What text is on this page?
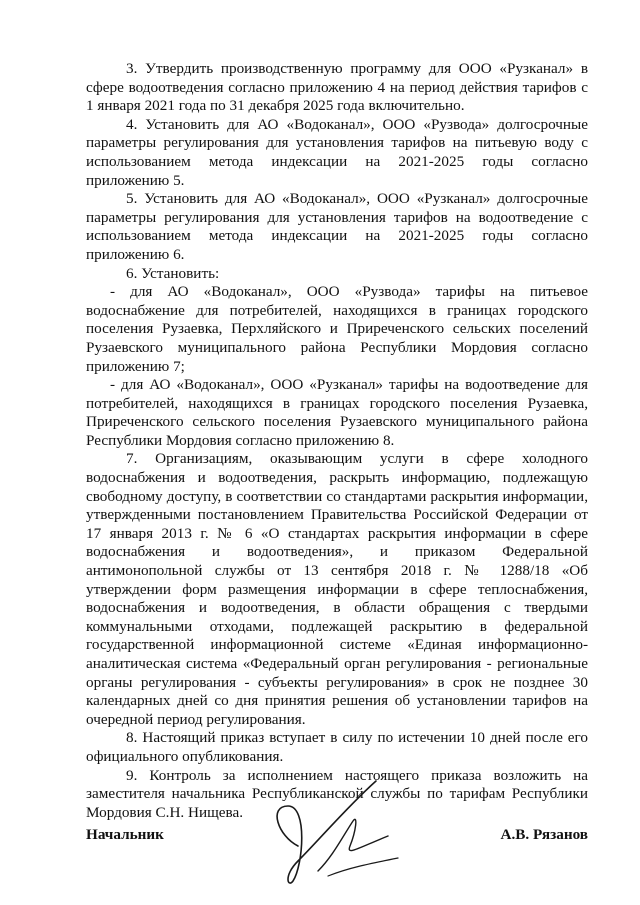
3. Утвердить производственную программу для ООО «Рузканал» в сфере водоотведения согласно приложению 4 на период действия тарифов с 1 января 2021 года по 31 декабря 2025 года включительно.

4. Установить для АО «Водоканал», ООО «Рузвода» долгосрочные параметры регулирования для установления тарифов на питьевую воду с использованием метода индексации на 2021-2025 годы согласно приложению 5.

5. Установить для АО «Водоканал», ООО «Рузканал» долгосрочные параметры регулирования для установления тарифов на водоотведение с использованием метода индексации на 2021-2025 годы согласно приложению 6.

6. Установить:

- для АО «Водоканал», ООО «Рузвода» тарифы на питьевое водоснабжение для потребителей, находящихся в границах городского поселения Рузаевка, Перхляйского и Приреченского сельских поселений Рузаевского муниципального района Республики Мордовия согласно приложению 7;

- для АО «Водоканал», ООО «Рузканал» тарифы на водоотведение для потребителей, находящихся в границах городского поселения Рузаевка, Приреченского сельского поселения Рузаевского муниципального района Республики Мордовия согласно приложению 8.

7. Организациям, оказывающим услуги в сфере холодного водоснабжения и водоотведения, раскрыть информацию, подлежащую свободному доступу, в соответствии со стандартами раскрытия информации, утвержденными постановлением Правительства Российской Федерации от 17 января 2013 г. № 6 «О стандартах раскрытия информации в сфере водоснабжения и водоотведения», и приказом Федеральной антимонопольной службы от 13 сентября 2018 г. № 1288/18 «Об утверждении форм размещения информации в сфере теплоснабжения, водоснабжения и водоотведения, в области обращения с твердыми коммунальными отходами, подлежащей раскрытию в федеральной государственной информационной системе «Единая информационно-аналитическая система «Федеральный орган регулирования - региональные органы регулирования - субъекты регулирования» в срок не позднее 30 календарных дней со дня принятия решения об установлении тарифов на очередной период регулирования.

8. Настоящий приказ вступает в силу по истечении 10 дней после его официального опубликования.

9. Контроль за исполнением настоящего приказа возложить на заместителя начальника Республиканской службы по тарифам Республики Мордовия С.Н. Нищева.

Начальник	А.В. Рязанов
